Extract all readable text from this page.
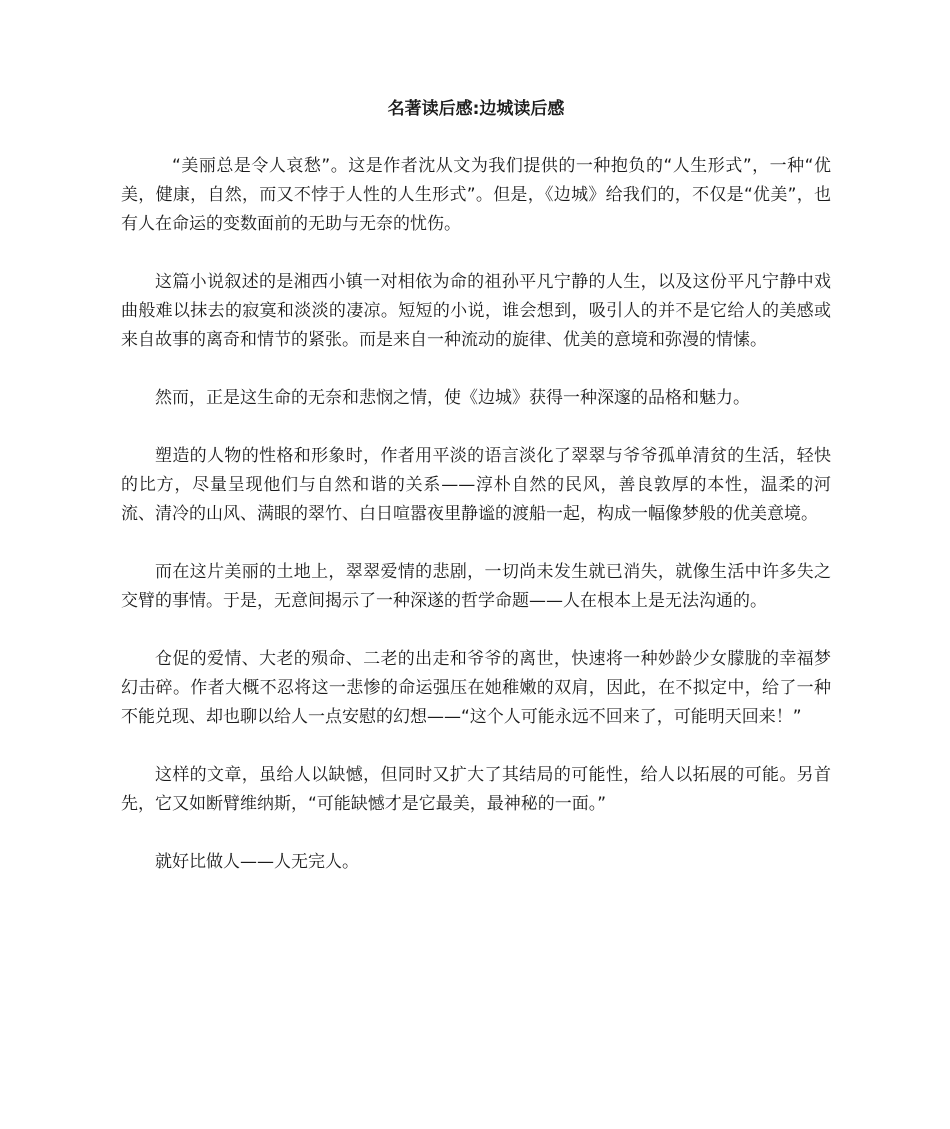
名著读后感:边城读后感

“美丽总是令人哀愁”。这是作者沈从文为我们提供的一种抱负的“人生形式”，一种“优美，健康，自然，而又不悖于人性的人生形式”。但是，《边城》给我们的，不仅是“优美”，也有人在命运的变数面前的无助与无奈的忧伤。

这篇小说叙述的是湘西小镇一对相依为命的祖孙平凡宁静的人生，以及这份平凡宁静中戏曲般难以抹去的寂寞和淡淡的凄凉。短短的小说，谁会想到，吸引人的并不是它给人的美感或来自故事的离奇和情节的紧张。而是来自一种流动的旋律、优美的意境和弥漫的情愫。

然而，正是这生命的无奈和悲悯之情，使《边城》获得一种深邃的品格和魅力。

塑造的人物的性格和形象时，作者用平淡的语言淡化了翠翠与爷爷孤单清贫的生活，轻快的比方，尽量呈现他们与自然和谐的关系——淳朴自然的民风，善良敦厚的本性，温柔的河流、清冷的山风、满眼的翠竹、白日喧嚣夜里静谧的渡船一起，构成一幅像梦般的优美意境。

而在这片美丽的土地上，翠翠爱情的悲剧，一切尚未发生就已消失，就像生活中许多失之交臂的事情。于是，无意间揭示了一种深遂的哲学命题——人在根本上是无法沟通的。

仓促的爱情、大老的殒命、二老的出走和爷爷的离世，快速将一种妙龄少女朦胧的幸福梦幻击碎。作者大概不忍将这一悲惨的命运强压在她稚嫩的双肩，因此，在不拟定中，给了一种不能兑现、却也聊以给人一点安慰的幻想——“这个人可能永远不回来了，可能明天回来！”

这样的文章，虽给人以缺憾，但同时又扩大了其结局的可能性，给人以拓展的可能。另首先，它又如断臂维纳斯，“可能缺憾才是它最美，最神秘的一面。”

就好比做人——人无完人。
